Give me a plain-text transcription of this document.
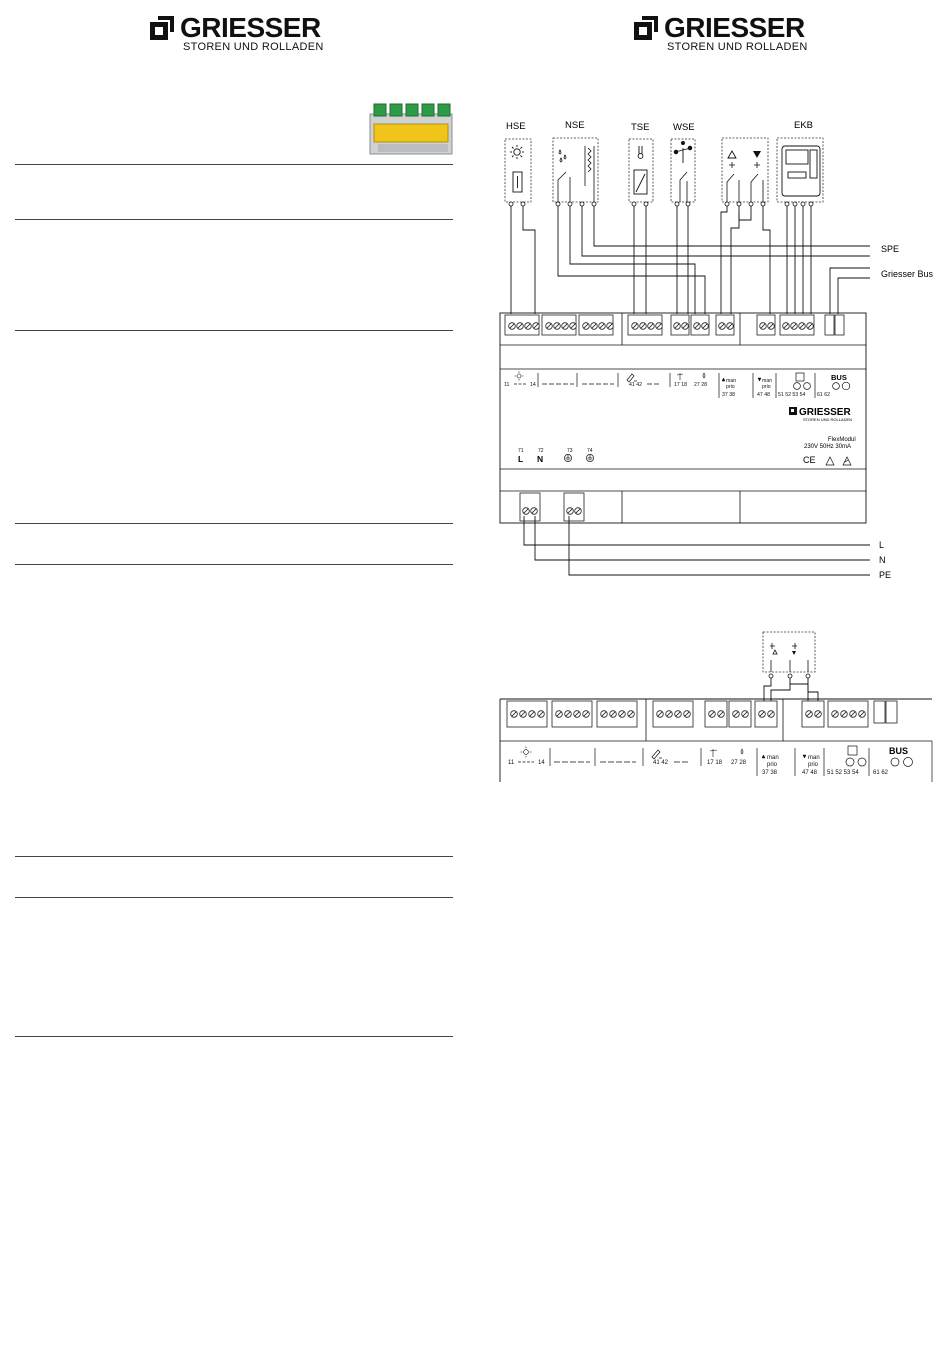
GRIESSER
STOREN UND ROLLADEN
GRIESSER
STOREN UND ROLLADEN
HSE	NSE	TSE WSE	EKB
SPE
Griesser Bus
11	14	41 42	17 18 27 28
man
prio
37 38
man
prio
47 48 51 52 53 54 61 62
BUS
GRIESSER
STOREN UND ROLLADEN
FlexModul
230V 50Hz 30mA
CE
71	72	73	74
L N
L
N
PE
11	14	41 42	17 18 27 28
man
prio
37 38
man
prio
47 48 51 52 53 54 61 62
BUS
